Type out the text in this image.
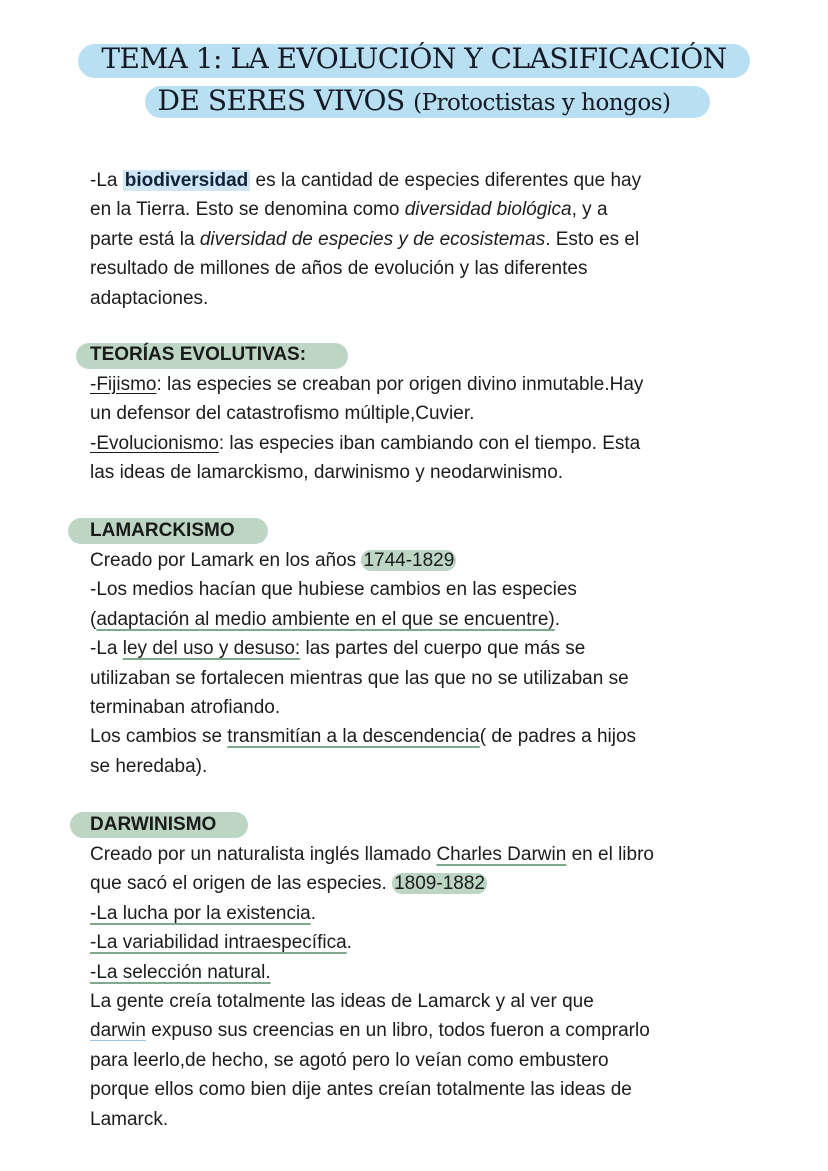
TEMA 1: LA EVOLUCIÓN Y CLASIFICACIÓN
DE SERES VIVOS (Protoctistas y hongos)
-La biodiversidad es la cantidad de especies diferentes que hay
en la Tierra. Esto se denomina como diversidad biológica, y a
parte está la diversidad de especies y de ecosistemas. Esto es el
resultado de millones de años de evolución y las diferentes
adaptaciones.
TEORÍAS EVOLUTIVAS:
-Fijismo: las especies se creaban por origen divino inmutable.Hay
un defensor del catastrofismo múltiple,Cuvier.
-Evolucionismo: las especies iban cambiando con el tiempo. Esta
las ideas de lamarckismo, darwinismo y neodarwinismo.
LAMARCKISMO
Creado por Lamark en los años 1744-1829
-Los medios hacían que hubiese cambios en las especies
(adaptación al medio ambiente en el que se encuentre).
-La ley del uso y desuso: las partes del cuerpo que más se
utilizaban se fortalecen mientras que las que no se utilizaban se
terminaban atrofiando.
Los cambios se transmitían a la descendencia( de padres a hijos
se heredaba).
DARWINISMO
Creado por un naturalista inglés llamado Charles Darwin en el libro
que sacó el origen de las especies. 1809-1882
-La lucha por la existencia.
-La variabilidad intraespecífica.
-La selección natural.
La gente creía totalmente las ideas de Lamarck y al ver que
darwin expuso sus creencias en un libro, todos fueron a comprarlo
para leerlo,de hecho, se agotó pero lo veían como embustero
porque ellos como bien dije antes creían totalmente las ideas de
Lamarck.
